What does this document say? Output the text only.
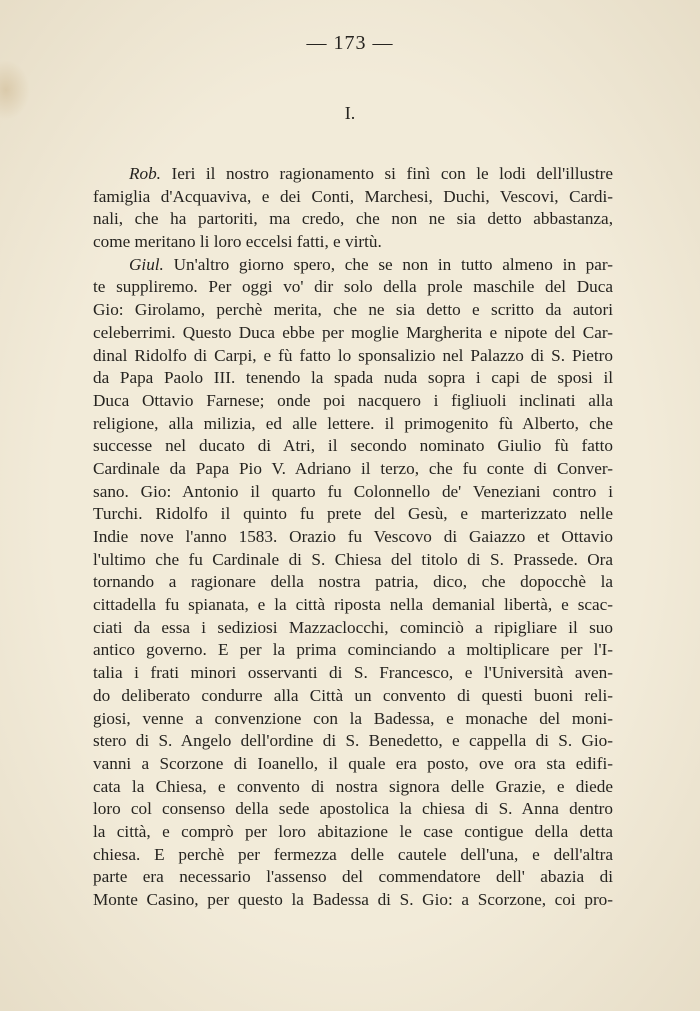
— 173 —
I.
Rob. Ieri il nostro ragionamento si finì con le lodi dell'illustre
famiglia d'Acquaviva, e dei Conti, Marchesi, Duchi, Vescovi, Cardi-
nali, che ha partoriti, ma credo, che non ne sia detto abbastanza,
come meritano li loro eccelsi fatti, e virtù.
Giul. Un'altro giorno spero, che se non in tutto almeno in par-
te suppliremo. Per oggi vo' dir solo della prole maschile del Duca
Gio: Girolamo, perchè merita, che ne sia detto e scritto da autori
celeberrimi. Questo Duca ebbe per moglie Margherita e nipote del Car-
dinal Ridolfo di Carpi, e fù fatto lo sponsalizio nel Palazzo di S. Pietro
da Papa Paolo III. tenendo la spada nuda sopra i capi de sposi il
Duca Ottavio Farnese; onde poi nacquero i figliuoli inclinati alla
religione, alla milizia, ed alle lettere. il primogenito fù Alberto, che
successe nel ducato di Atri, il secondo nominato Giulio fù fatto
Cardinale da Papa Pio V. Adriano il terzo, che fu conte di Conver-
sano. Gio: Antonio il quarto fu Colonnello de' Veneziani contro i
Turchi. Ridolfo il quinto fu prete del Gesù, e marterizzato nelle
Indie nove l'anno 1583. Orazio fu Vescovo di Gaiazzo et Ottavio
l'ultimo che fu Cardinale di S. Chiesa del titolo di S. Prassede. Ora
tornando a ragionare della nostra patria, dico, che dopocchè la
cittadella fu spianata, e la città riposta nella demanial libertà, e scac-
ciati da essa i sediziosi Mazzaclocchi, cominciò a ripigliare il suo
antico governo. E per la prima cominciando a moltiplicare per l'I-
talia i frati minori osservanti di S. Francesco, e l'Università aven-
do deliberato condurre alla Città un convento di questi buoni reli-
giosi, venne a convenzione con la Badessa, e monache del moni-
stero di S. Angelo dell'ordine di S. Benedetto, e cappella di S. Gio-
vanni a Scorzone di Ioanello, il quale era posto, ove ora sta edifi-
cata la Chiesa, e convento di nostra signora delle Grazie, e diede
loro col consenso della sede apostolica la chiesa di S. Anna dentro
la città, e comprò per loro abitazione le case contigue della detta
chiesa. E perchè per fermezza delle cautele dell'una, e dell'altra
parte era necessario l'assenso del commendatore dell' abazia di
Monte Casino, per questo la Badessa di S. Gio: a Scorzone, coi pro-
